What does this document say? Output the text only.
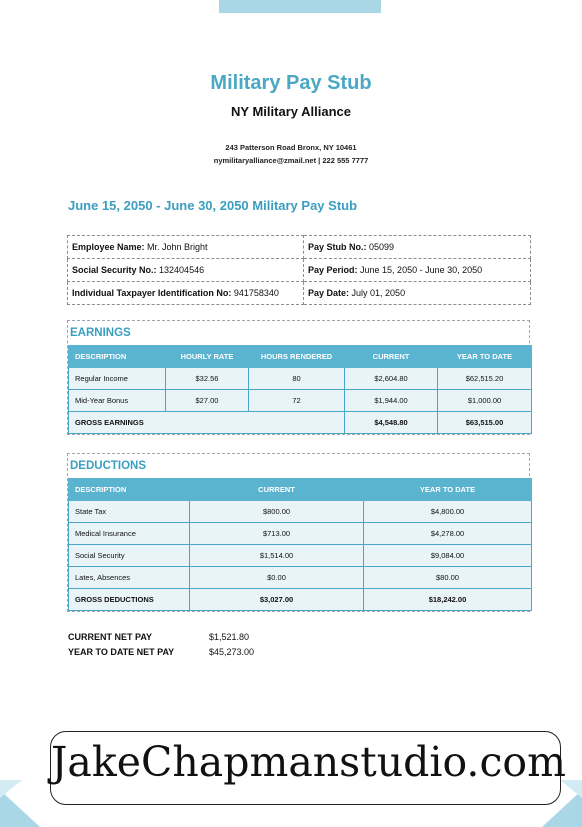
Military Pay Stub
NY Military Alliance
243 Patterson Road Bronx, NY 10461
nymilitaryalliance@zmail.net | 222 555 7777
June 15, 2050 - June 30, 2050 Military Pay Stub
Employee Name: Mr. John Bright	Pay Stub No.: 05099
Social Security No.: 132404546	Pay Period: June 15, 2050 - June 30, 2050
Individual Taxpayer Identification No: 941758340	Pay Date: July 01, 2050
EARNINGS
DESCRIPTION	HOURLY RATE	HOURS RENDERED	CURRENT	YEAR TO DATE
Regular Income	$32.56	80	$2,604.80	$62,515.20
Mid-Year Bonus	$27.00	72	$1,944.00	$1,000.00
GROSS EARNINGS			$4,548.80	$63,515.00
DEDUCTIONS
DESCRIPTION	CURRENT	YEAR TO DATE
State Tax	$800.00	$4,800.00
Medical Insurance	$713.00	$4,278.00
Social Security	$1,514.00	$9,084.00
Lates, Absences	$0.00	$80.00
GROSS DEDUCTIONS	$3,027.00	$18,242.00
CURRENT NET PAY	$1,521.80
YEAR TO DATE NET PAY	$45,273.00
JakeChapmanstudio.com
